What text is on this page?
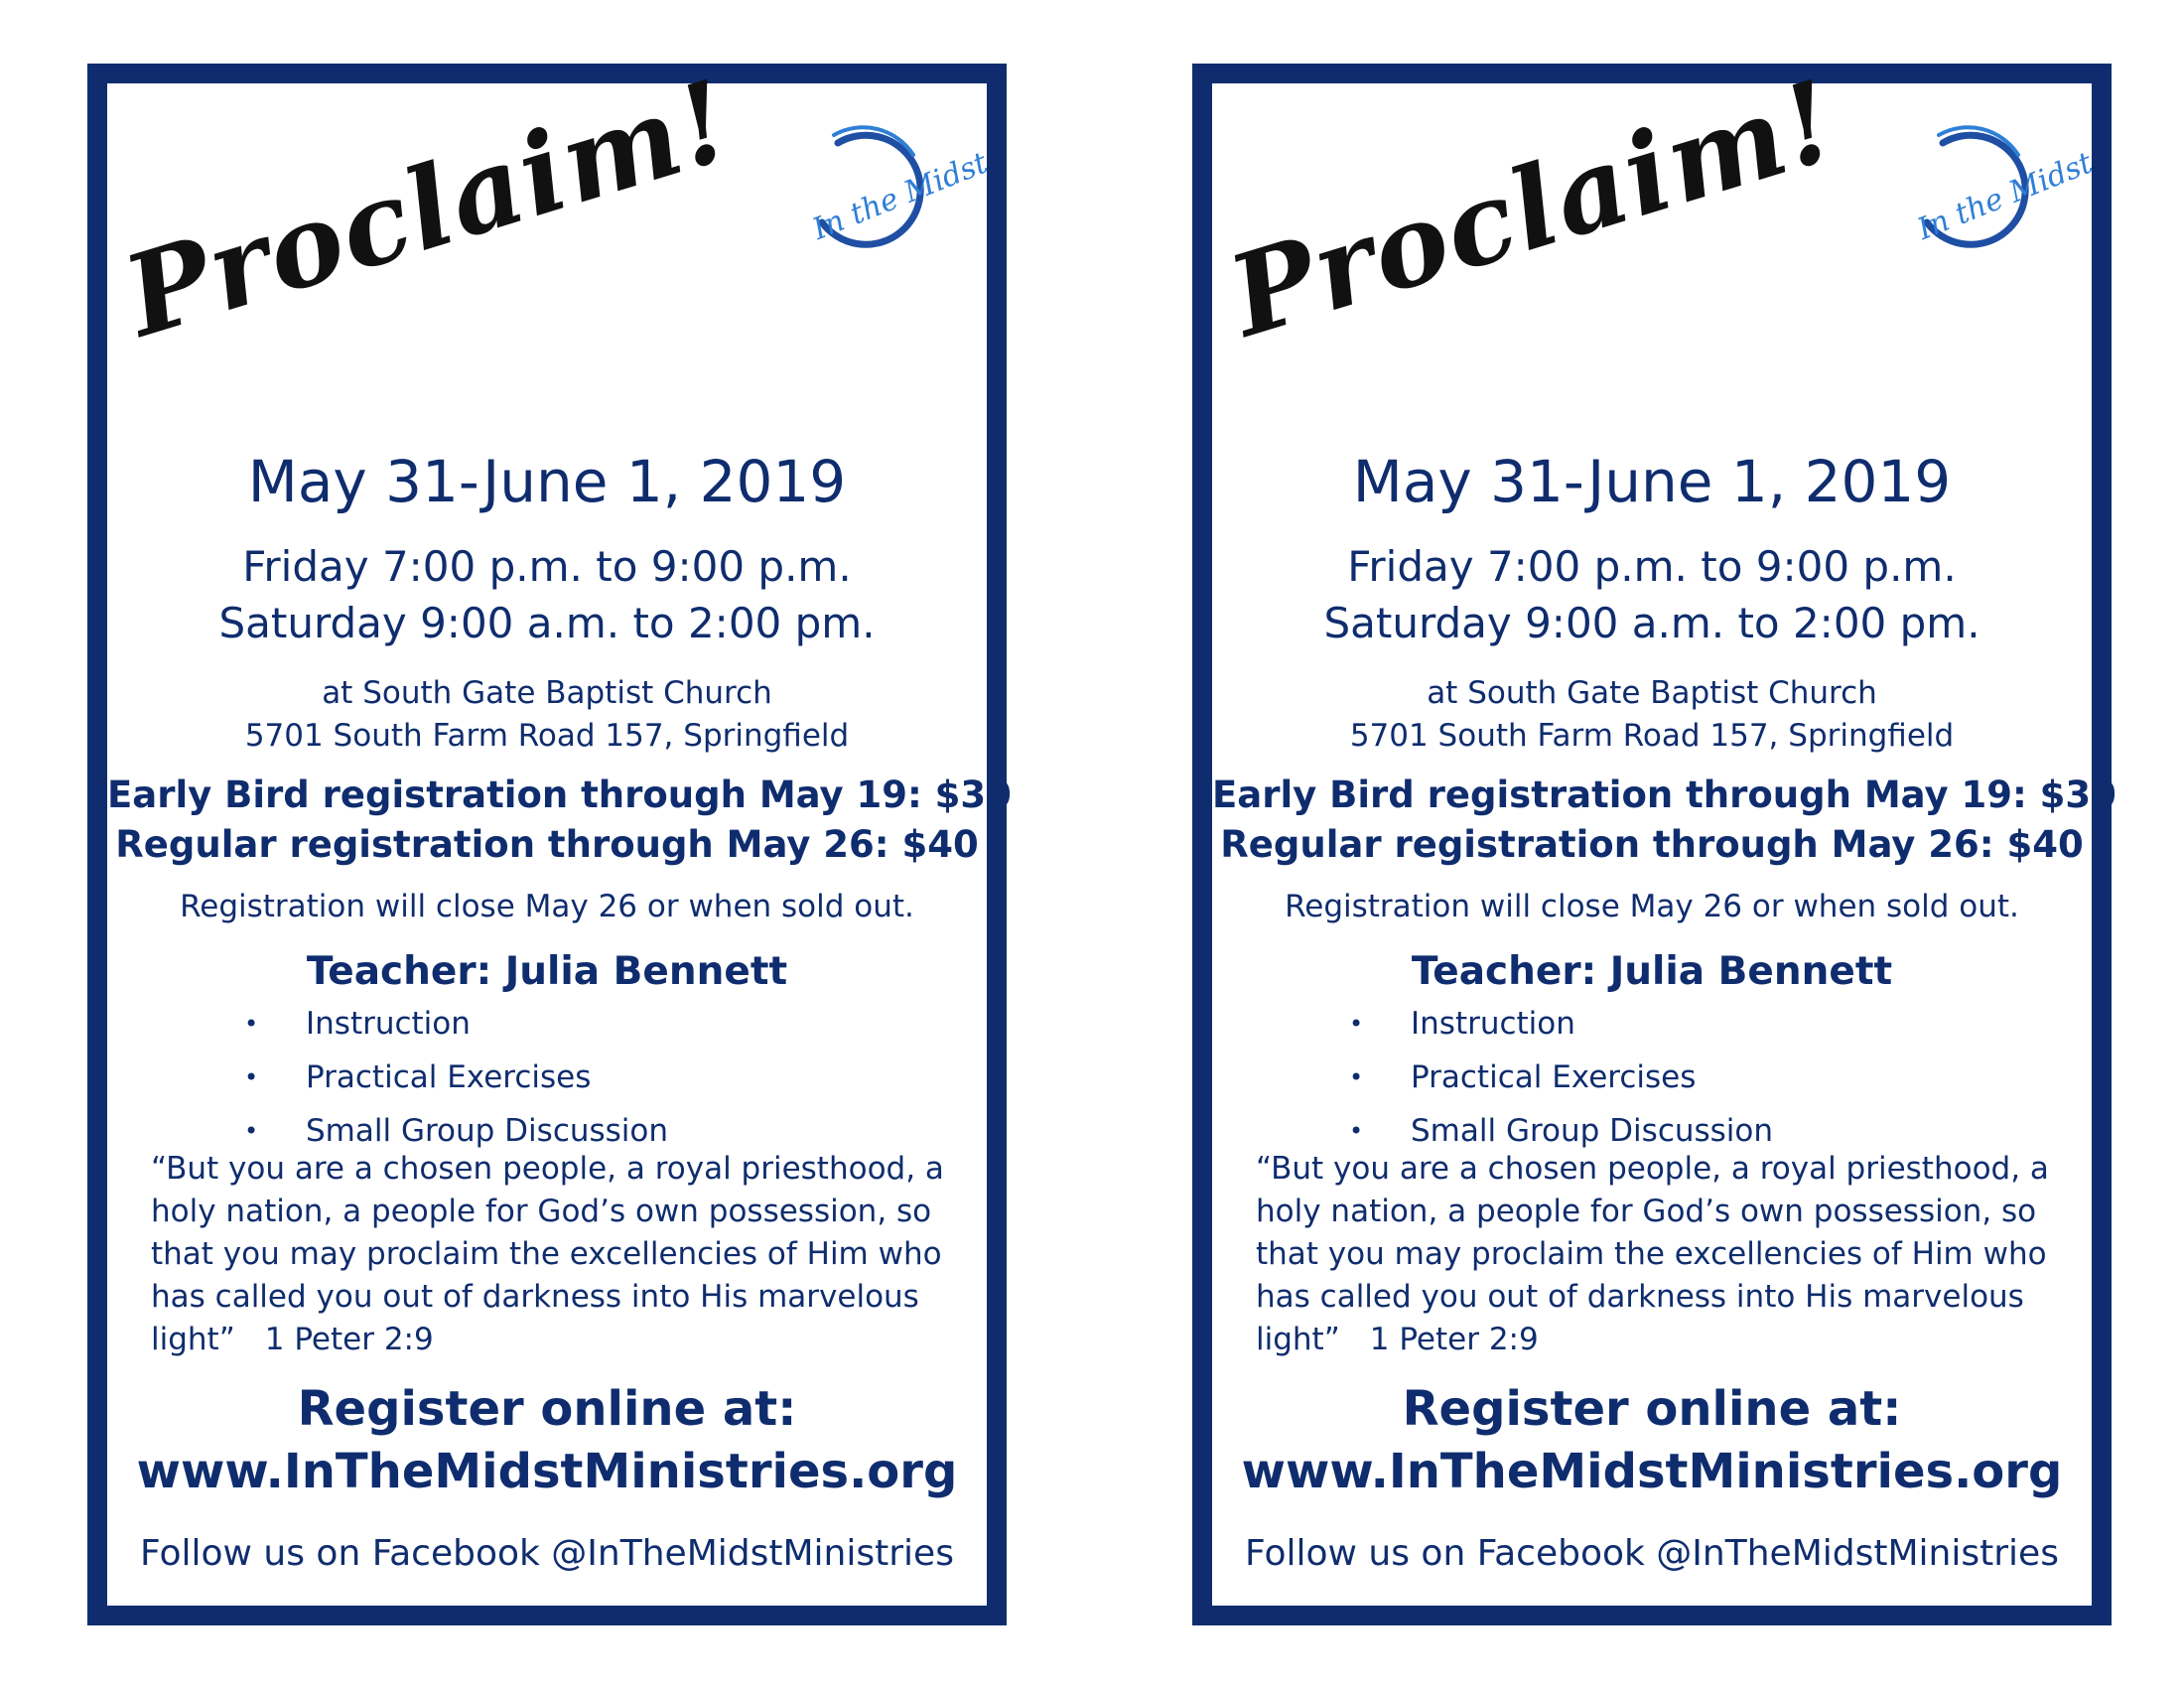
In the Midst
Proclaim!
May 31-June 1, 2019
Friday 7:00 p.m. to 9:00 p.m.
Saturday 9:00 a.m. to 2:00 pm.
at South Gate Baptist Church
5701 South Farm Road 157, Springfield
Early Bird registration through May 19: $30
Regular registration through May 26: $40
Registration will close May 26 or when sold out.
Teacher: Julia Bennett
• Instruction
• Practical Exercises
• Small Group Discussion
“But you are a chosen people, a royal priesthood, a holy nation, a people for God’s own possession, so that you may proclaim the excellencies of Him who has called you out of darkness into His marvelous light” 1 Peter 2:9
Register online at:
www.InTheMidstMinistries.org
Follow us on Facebook @InTheMidstMinistries
In the Midst
Proclaim!
May 31-June 1, 2019
Friday 7:00 p.m. to 9:00 p.m.
Saturday 9:00 a.m. to 2:00 pm.
at South Gate Baptist Church
5701 South Farm Road 157, Springfield
Early Bird registration through May 19: $30
Regular registration through May 26: $40
Registration will close May 26 or when sold out.
Teacher: Julia Bennett
• Instruction
• Practical Exercises
• Small Group Discussion
“But you are a chosen people, a royal priesthood, a holy nation, a people for God’s own possession, so that you may proclaim the excellencies of Him who has called you out of darkness into His marvelous light” 1 Peter 2:9
Register online at:
www.InTheMidstMinistries.org
Follow us on Facebook @InTheMidstMinistries
